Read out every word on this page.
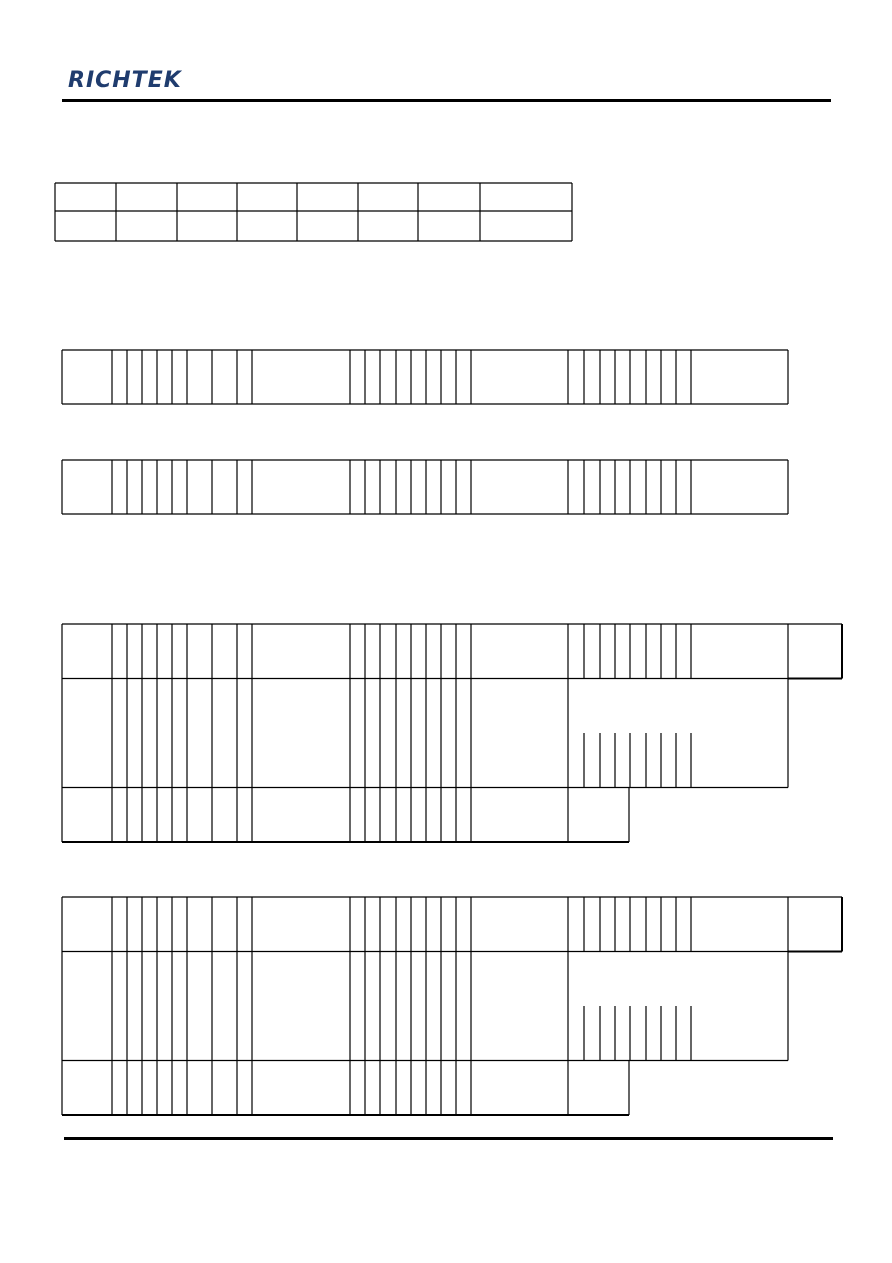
RICHTEK
